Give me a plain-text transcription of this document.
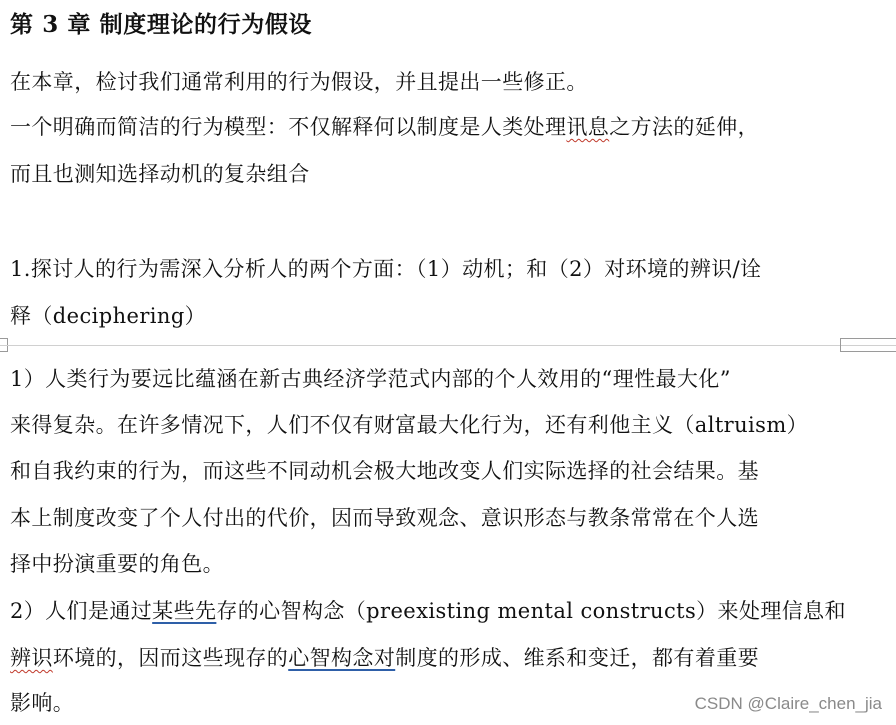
第 3 章 制度理论的行为假设
在本章，检讨我们通常利用的行为假设，并且提出一些修正。
一个明确而简洁的行为模型：不仅解释何以制度是人类处理讯息之方法的延伸，
而且也测知选择动机的复杂组合
1.探讨人的行为需深入分析人的两个方面：（1）动机；和（2）对环境的辨识/诠
释（deciphering）
1）人类行为要远比蕴涵在新古典经济学范式内部的个人效用的“理性最大化”
来得复杂。在许多情况下，人们不仅有财富最大化行为，还有利他主义（altruism）
和自我约束的行为，而这些不同动机会极大地改变人们实际选择的社会结果。基
本上制度改变了个人付出的代价，因而导致观念、意识形态与教条常常在个人选
择中扮演重要的角色。
2）人们是通过某些先存的心智构念（preexisting mental constructs）来处理信息和
辨识环境的，因而这些现存的心智构念对制度的形成、维系和变迁，都有着重要
影响。	CSDN @Claire_chen_jia
